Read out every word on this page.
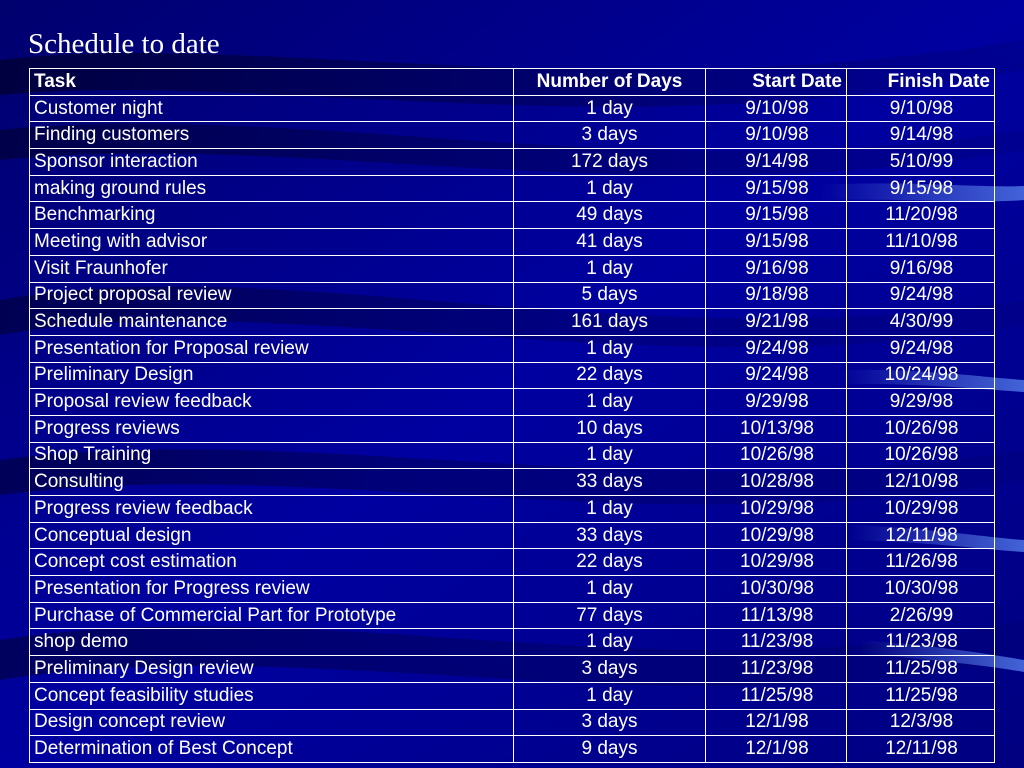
Schedule to date
Task	Number of Days	Start Date	Finish Date
Customer night	1 day	9/10/98	9/10/98
Finding customers	3 days	9/10/98	9/14/98
Sponsor interaction	172 days	9/14/98	5/10/99
making ground rules	1 day	9/15/98	9/15/98
Benchmarking	49 days	9/15/98	11/20/98
Meeting with advisor	41 days	9/15/98	11/10/98
Visit Fraunhofer	1 day	9/16/98	9/16/98
Project proposal review	5 days	9/18/98	9/24/98
Schedule maintenance	161 days	9/21/98	4/30/99
Presentation for Proposal review	1 day	9/24/98	9/24/98
Preliminary Design	22 days	9/24/98	10/24/98
Proposal review feedback	1 day	9/29/98	9/29/98
Progress reviews	10 days	10/13/98	10/26/98
Shop Training	1 day	10/26/98	10/26/98
Consulting	33 days	10/28/98	12/10/98
Progress review feedback	1 day	10/29/98	10/29/98
Conceptual design	33 days	10/29/98	12/11/98
Concept cost estimation	22 days	10/29/98	11/26/98
Presentation for Progress review	1 day	10/30/98	10/30/98
Purchase of Commercial Part for Prototype	77 days	11/13/98	2/26/99
shop demo	1 day	11/23/98	11/23/98
Preliminary Design review	3 days	11/23/98	11/25/98
Concept feasibility studies	1 day	11/25/98	11/25/98
Design concept review	3 days	12/1/98	12/3/98
Determination of Best Concept	9 days	12/1/98	12/11/98
